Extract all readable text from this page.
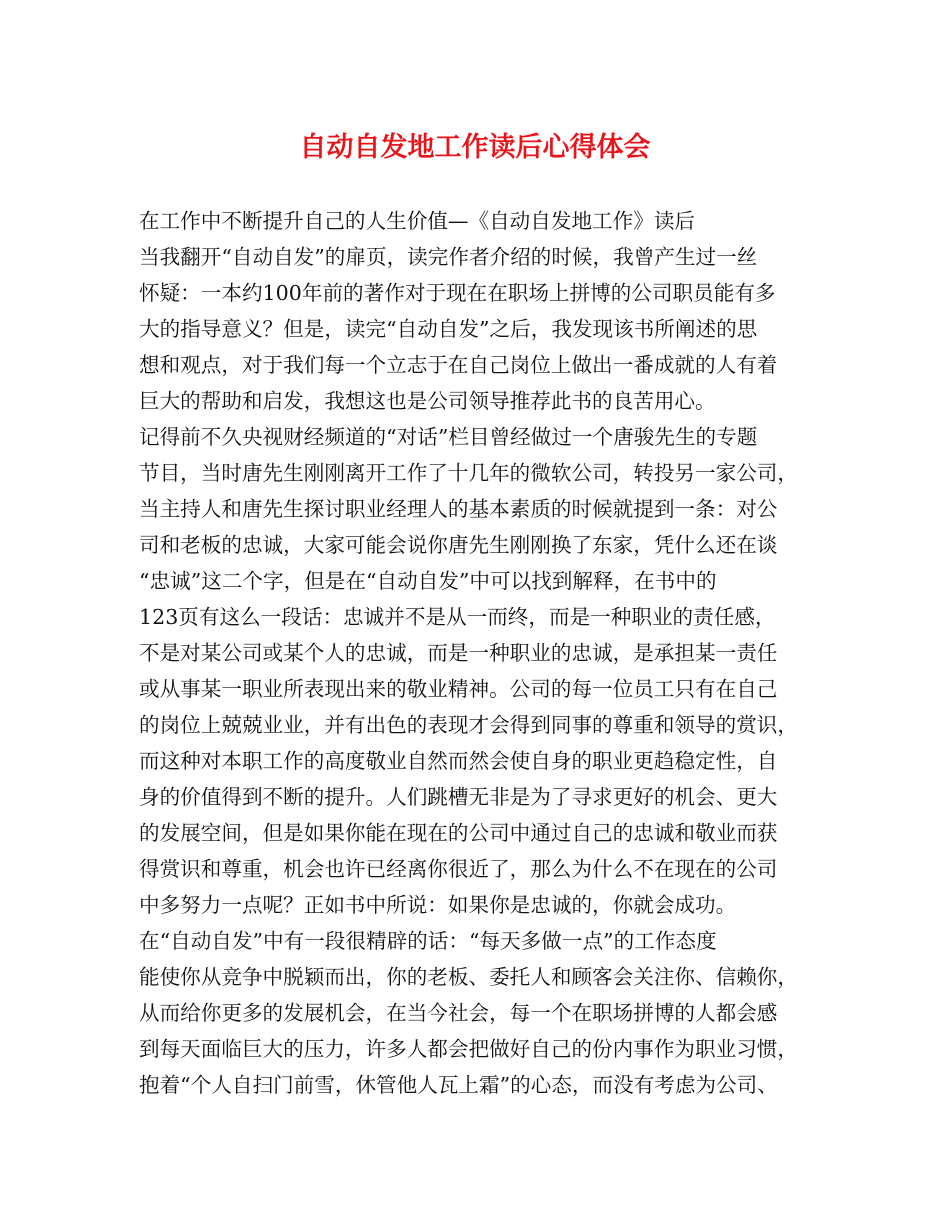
自动自发地工作读后心得体会
在工作中不断提升自己的人生价值—《自动自发地工作》读后
当我翻开“自动自发”的扉页，读完作者介绍的时候，我曾产生过一丝
怀疑：一本约100年前的著作对于现在在职场上拼博的公司职员能有多
大的指导意义？但是，读完“自动自发”之后，我发现该书所阐述的思
想和观点，对于我们每一个立志于在自己岗位上做出一番成就的人有着
巨大的帮助和启发，我想这也是公司领导推荐此书的良苦用心。
记得前不久央视财经频道的“对话”栏目曾经做过一个唐骏先生的专题
节目，当时唐先生刚刚离开工作了十几年的微软公司，转投另一家公司，
当主持人和唐先生探讨职业经理人的基本素质的时候就提到一条：对公
司和老板的忠诚，大家可能会说你唐先生刚刚换了东家，凭什么还在谈
“忠诚”这二个字，但是在“自动自发”中可以找到解释，在书中的
123页有这么一段话：忠诚并不是从一而终，而是一种职业的责任感，
不是对某公司或某个人的忠诚，而是一种职业的忠诚，是承担某一责任
或从事某一职业所表现出来的敬业精神。公司的每一位员工只有在自己
的岗位上兢兢业业，并有出色的表现才会得到同事的尊重和领导的赏识，
而这种对本职工作的高度敬业自然而然会使自身的职业更趋稳定性，自
身的价值得到不断的提升。人们跳槽无非是为了寻求更好的机会、更大
的发展空间，但是如果你能在现在的公司中通过自己的忠诚和敬业而获
得赏识和尊重，机会也许已经离你很近了，那么为什么不在现在的公司
中多努力一点呢？正如书中所说：如果你是忠诚的，你就会成功。
在“自动自发”中有一段很精辟的话：“每天多做一点”的工作态度
能使你从竞争中脱颖而出，你的老板、委托人和顾客会关注你、信赖你，
从而给你更多的发展机会，在当今社会，每一个在职场拼博的人都会感
到每天面临巨大的压力，许多人都会把做好自己的份内事作为职业习惯，
抱着“个人自扫门前雪，休管他人瓦上霜”的心态，而没有考虑为公司、
